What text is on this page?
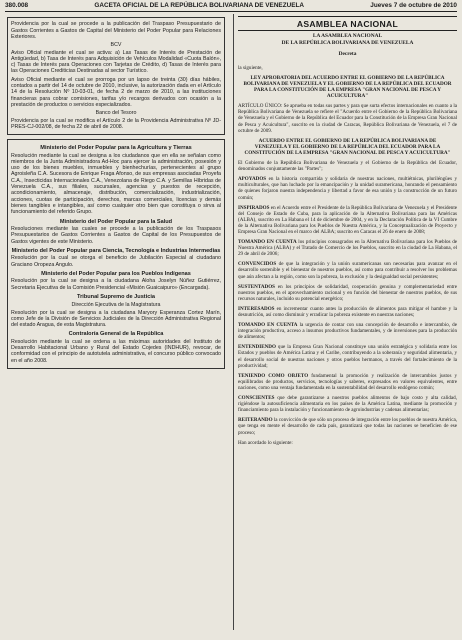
380.008	GACETA OFICIAL DE LA REPÚBLICA BOLIVARIANA DE VENEZUELA	Jueves 7 de octubre de 2010

Providencia por la cual se procede a la publicación del Traspaso Presupuestario de Gastos Corrientes a Gastos de Capital del Ministerio del Poder Popular para Relaciones Exteriores.

BCV

Aviso Oficial mediante el cual se activa: a) Las Tasas de Interés de Prestación de Antigüedad, b) Tasa de Interés para Adquisición de Vehículos Modalidad «Cuota Balón», c) Tasas de Interés para Operaciones con Tarjetas de Crédito, d) Tasas de Interés para las Operaciones Crediticias Destinadas al sector Turístico.

Aviso Oficial mediante el cual se prorroga por un lapso de treinta (30) días hábiles, contados a partir del 14 de octubre de 2010, inclusive, la autorización dada en el Artículo 14 de la Resolución Nº 10-03-01, de fecha 2 de marzo de 2010, a las instituciones financieras para cobrar comisiones, tarifas y/o recargos derivados con ocasión a la prestación de productos o servicios especializados.

Banco del Tesoro

Providencia por la cual se modifica el Artículo 2 de la Providencia Administrativa Nº JD-PRES-CJ-002/08, de fecha 22 de abril de 2008.

Ministerio del Poder Popular para la Agricultura y Tierras

Resolución mediante la cual se designa a los ciudadanos que en ella se señalan como miembros de la Junta Administradora Ad-Hoc para ejercer la administración, posesión y uso de los bienes muebles, inmuebles y bienhechurías, pertenecientes al grupo Agroisleña C.A. Sucesora de Enrique Fraga Afonso, de sus empresas asociadas Proyefa C.A., Insecticidas Internacionales C.A., Venezolana de Riego C.A. y Semillas Híbridas de Venezuela C.A., sus filiales, sucursales, agencias y puestos de recepción, acondicionamiento, almacenaje, distribución, comercialización, industrialización, acciones, cuotas de participación, derechos, marcas comerciales, licencias y demás bienes tangibles e intangibles, así como cualquier otro bien que constituya o sirva al funcionamiento del referido Grupo.

Ministerio del Poder Popular para la Salud

Resoluciones mediante las cuales se procede a la publicación de los Traspasos Presupuestarios de Gastos Corrientes a Gastos de Capital de los Presupuestos de Gastos vigentes de este Ministerio.

Ministerio del Poder Popular para Ciencia, Tecnología e Industrias Intermedias

Resolución por la cual se otorga el beneficio de Jubilación Especial al ciudadano Graciano Oropeza Angulo.

Ministerio del Poder Popular para los Pueblos Indígenas

Resolución por la cual se designa a la ciudadana Aloha Joselyn Núñez Gutiérrez, Secretaria Ejecutiva de la Comisión Presidencial «Misión Guaicaipuro» (Encargada).

Tribunal Supremo de Justicia
Dirección Ejecutiva de la Magistratura

Resolución por la cual se designa a la ciudadana Maryory Esperanza Cortez Marín, como Jefe de la División de Servicios Judiciales de la Dirección Administrativa Regional del estado Aragua, de esta Magistratura.

Contraloría General de la República

Resolución mediante la cual se ordena a las máximas autoridades del Instituto de Desarrollo Habitacional Urbano y Rural del Estado Cojedes (INDHUR), revocar, de conformidad con el principio de autotutela administrativa, el concurso público convocado en el año 2008.

ASAMBLEA NACIONAL
LA ASAMBLEA NACIONAL
DE LA REPÚBLICA BOLIVARIANA DE VENEZUELA
Decreta
la siguiente,
LEY APROBATORIA DEL ACUERDO ENTRE EL GOBIERNO DE LA REPÚBLICA BOLIVARIANA DE VENEZUELA Y EL GOBIERNO DE LA REPÚBLICA DEL ECUADOR PARA LA CONSTITUCIÓN DE LA EMPRESA "GRAN NACIONAL DE PESCA Y ACUICULTURA"
ARTÍCULO ÚNICO: Se aprueba en todas sus partes y para que surta efectos internacionales en cuanto a la República Bolivariana de Venezuela se refiere el "Acuerdo entre el Gobierno de la República Bolivariana de Venezuela y el Gobierno de la República del Ecuador para la Constitución de la Empresa Gran Nacional de Pesca y Acuicultura", suscrito en la ciudad de Caracas, República Bolivariana de Venezuela, el 7 de octubre de 2009.
ACUERDO ENTRE EL GOBIERNO DE LA REPÚBLICA BOLIVARIANA DE VENEZUELA Y EL GOBIERNO DE LA REPÚBLICA DEL ECUADOR PARA LA CONSTITUCIÓN DE LA EMPRESA "GRAN NACIONAL DE PESCA Y ACUICULTURA"
El Gobierno de la República Bolivariana de Venezuela y el Gobierno de la República del Ecuador, denominados conjuntamente las "Partes";
APOYADOS en la historia compartida y solidaria de nuestras naciones, multiétnicas, pluriléngües y multiculturales, que han luchado por la emancipación y la unidad suramericana, honrando el pensamiento de quienes forjaron nuestra independencia y libertad a favor de esa unión y la construcción de un futuro común;
INSPIRADOS en el Acuerdo entre el Presidente de la República Bolivariana de Venezuela y el Presidente del Consejo de Estado de Cuba, para la aplicación de la Alternativa Bolivariana para las Américas (ALBA), suscrito en La Habana el 14 de diciembre de 2004, y en la Declaración Política de la VI Cumbre de la Alternativa Bolivariana para los Pueblos de Nuestra América, y la Conceptualización de Proyecto y Empresa Gran Nacional en el marco del ALBA; suscrito en Caracas el 26 de enero de 2008;
TOMANDO EN CUENTA los principios consagrados en la Alternativa Bolivariana para los Pueblos de Nuestra América (ALBA) y el Tratado de Comercio de los Pueblos, suscrito en la ciudad de La Habana, el 29 de abril de 2006;
CONVENCIDOS de que la integración y la unión suramericanas son necesarias para avanzar en el desarrollo sostenible y el bienestar de nuestros pueblos, así como para contribuir a resolver los problemas que aún afectan a la región, como son la pobreza, la exclusión y la desigualdad social persistentes;
SUSTENTADOS en los principios de solidaridad, cooperación genuina y complementariedad entre nuestros pueblos, en el aprovechamiento racional y en función del bienestar de nuestros pueblos, de sus recursos naturales, incluido su potencial energético;
INTERESADOS en incrementar cuanto antes la producción de alimentos para mitigar el hambre y la desnutrición, así como disminuir y erradicar la pobreza existente en nuestras naciones;
TOMANDO EN CUENTA la urgencia de contar con una concepción de desarrollo e intercambio, de integración productiva, acceso a insumos productivos fundamentales, y de inversiones para la producción de alimentos;
ENTENDIENDO que la Empresa Gran Nacional constituye una unión estratégica y solidaria entre los Estados y pueblos de América Latina y el Caribe, contribuyendo a la soberanía y seguridad alimentaria, y el desarrollo social de nuestras naciones y otros pueblos hermanos, a través del fortalecimiento de la productividad;
TENIENDO COMO OBJETO fundamental la promoción y realización de intercambios justos y equilibrados de productos, servicios, tecnologías y saberes, expresados en valores equivalentes, entre naciones, como una ventaja fundamentada en la sustentabilidad del desarrollo endógeno común;
CONSCIENTES que debe garantizarse a nuestros pueblos alimentos de bajo costo y alta calidad, rigiéndose la autosuficiencia alimentaria en los países de la América Latina, mediante la promoción y financiamiento para la instalación y funcionamiento de agroindustrias y cadenas alimentarias;
REITERANDO la convicción de que sólo un proceso de integración entre los pueblos de nuestra América, que tenga en mente el desarrollo de cada país, garantizará que todas las naciones se beneficien de ese proceso;
Han acordado lo siguiente:
